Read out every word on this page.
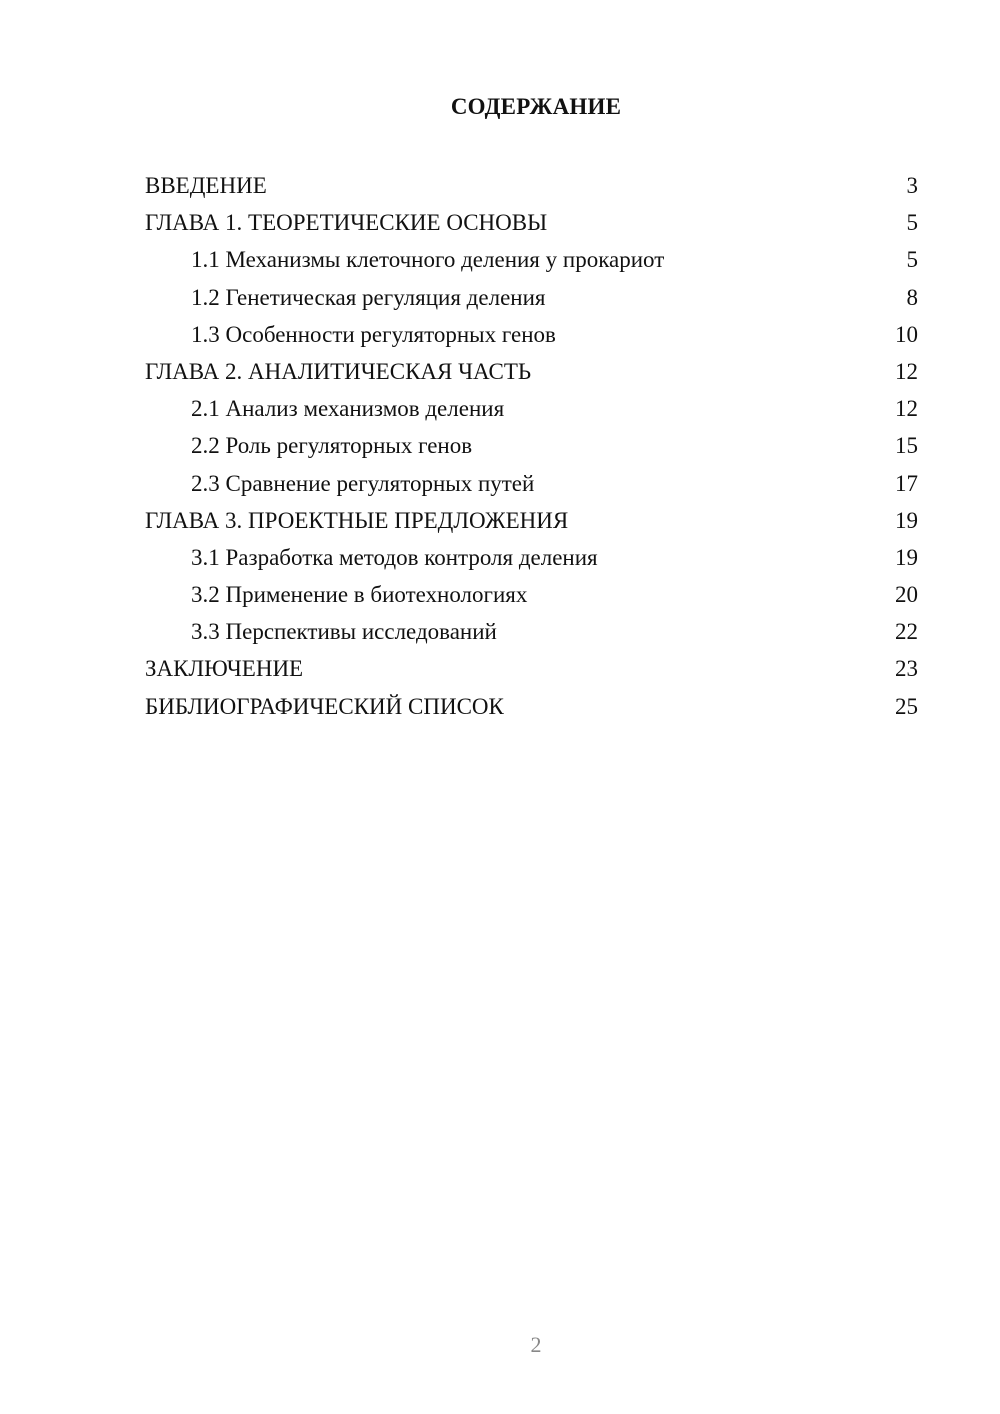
СОДЕРЖАНИЕ
ВВЕДЕНИЕ	3
ГЛАВА 1. ТЕОРЕТИЧЕСКИЕ ОСНОВЫ	5
1.1 Механизмы клеточного деления у прокариот	5
1.2 Генетическая регуляция деления	8
1.3 Особенности регуляторных генов	10
ГЛАВА 2. АНАЛИТИЧЕСКАЯ ЧАСТЬ	12
2.1 Анализ механизмов деления	12
2.2 Роль регуляторных генов	15
2.3 Сравнение регуляторных путей	17
ГЛАВА 3. ПРОЕКТНЫЕ ПРЕДЛОЖЕНИЯ	19
3.1 Разработка методов контроля деления	19
3.2 Применение в биотехнологиях	20
3.3 Перспективы исследований	22
ЗАКЛЮЧЕНИЕ	23
БИБЛИОГРАФИЧЕСКИЙ СПИСОК	25
2
